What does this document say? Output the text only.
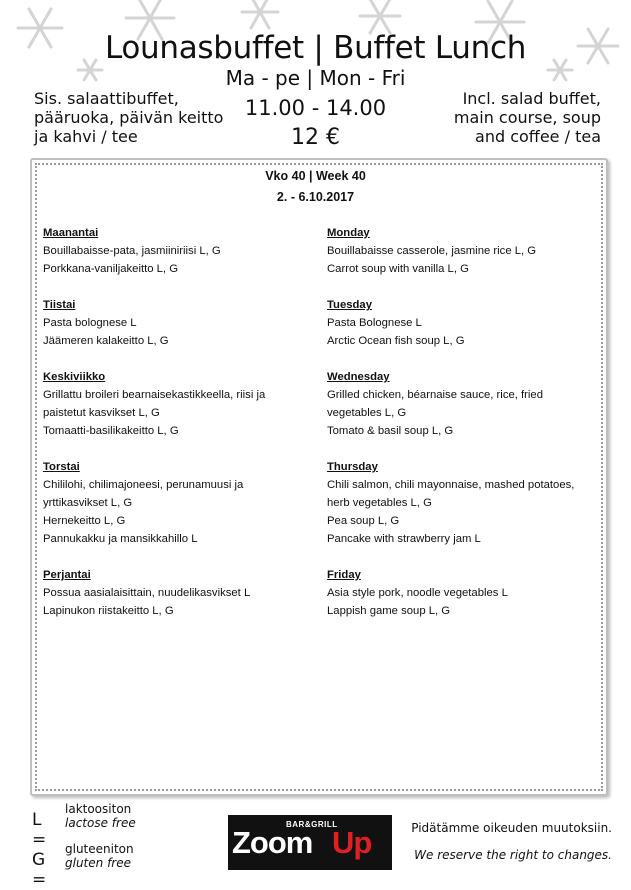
Lounasbuffet | Buffet Lunch
Ma - pe | Mon - Fri
11.00 - 14.00
12 €
Sis. salaattibuffet,
pääruoka, päivän keitto
ja kahvi / tee
Incl. salad buffet,
main course, soup
and coffee / tea
Vko 40 | Week 40
2. - 6.10.2017
Maanantai
Bouillabaisse-pata, jasmiiniriisi L, G
Porkkana-vaniljakeitto L, G
Tiistai
Pasta bolognese L
Jäämeren kalakeitto L, G
Keskiviikko
Grillattu broileri bearnaisekastikkeella, riisi ja paistetut kasvikset L, G
Tomaatti-basilikakeitto L, G
Torstai
Chililohi, chilimajoneesi, perunamuusi ja yrttikasvikset L, G
Hernekeitto L, G
Pannukakku ja mansikkahillo L
Perjantai
Possua aasialaisittain, nuudelikasvikset L
Lapinukon riistakeitto L, G
Monday
Bouillabaisse casserole, jasmine rice L, G
Carrot soup with vanilla L, G
Tuesday
Pasta Bolognese L
Arctic Ocean fish soup L, G
Wednesday
Grilled chicken, béarnaise sauce, rice, fried vegetables L, G
Tomato & basil soup L, G
Thursday
Chili salmon, chili mayonnaise, mashed potatoes, herb vegetables L, G
Pea soup L, G
Pancake with strawberry jam L
Friday
Asia style pork, noodle vegetables L
Lappish game soup L, G
L =
laktoositon
lactose free
G =
gluteeniton
gluten free
BAR&GRILL
Zoom Up	Pidätämme oikeuden muutoksiin.
We reserve the right to changes.
